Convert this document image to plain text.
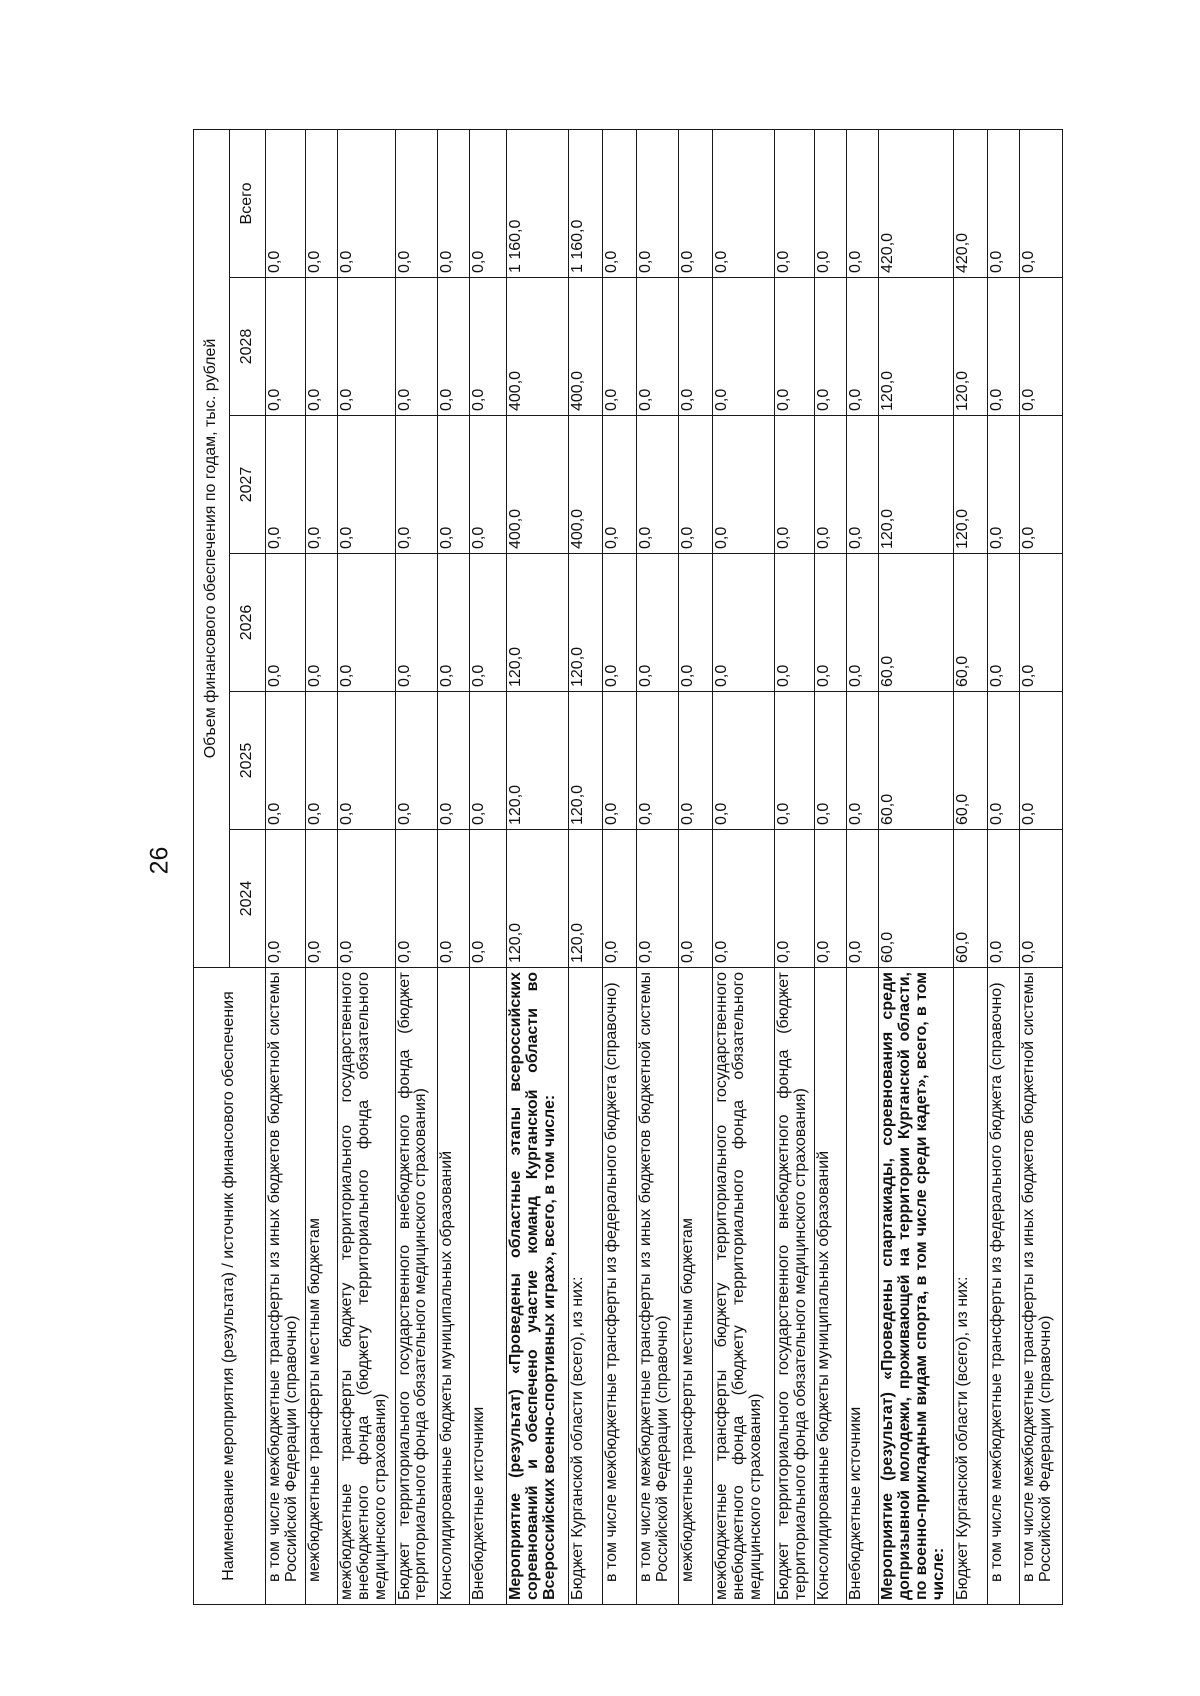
26
Наименование мероприятия (результата) / источник финансового обеспечения	Объем финансового обеспечения по годам, тыс. рублей					
	2024	2025	2026	2027	2028	Всего
в том числе межбюджетные трансферты из иных бюджетов бюджетной системы Российской Федерации (справочно)	0,0	0,0	0,0	0,0	0,0	0,0
межбюджетные трансферты местным бюджетам	0,0	0,0	0,0	0,0	0,0	0,0
межбюджетные трансферты бюджету территориального государственного внебюджетного фонда (бюджету территориального фонда обязательного медицинского страхования)	0,0	0,0	0,0	0,0	0,0	0,0
Бюджет территориального государственного внебюджетного фонда (бюджет территориального фонда обязательного медицинского страхования)	0,0	0,0	0,0	0,0	0,0	0,0
Консолидированные бюджеты муниципальных образований	0,0	0,0	0,0	0,0	0,0	0,0
Внебюджетные источники	0,0	0,0	0,0	0,0	0,0	0,0
Мероприятие (результат) «Проведены областные этапы всероссийских соревнований и обеспечено участие команд Курганской области во Всероссийских военно-спортивных играх», всего, в том числе:	120,0	120,0	120,0	400,0	400,0	1 160,0
Бюджет Курганской области (всего), из них:	120,0	120,0	120,0	400,0	400,0	1 160,0
в том числе межбюджетные трансферты из федерального бюджета (справочно)	0,0	0,0	0,0	0,0	0,0	0,0
в том числе межбюджетные трансферты из иных бюджетов бюджетной системы Российской Федерации (справочно)	0,0	0,0	0,0	0,0	0,0	0,0
межбюджетные трансферты местным бюджетам	0,0	0,0	0,0	0,0	0,0	0,0
межбюджетные трансферты бюджету территориального государственного внебюджетного фонда (бюджету территориального фонда обязательного медицинского страхования)	0,0	0,0	0,0	0,0	0,0	0,0
Бюджет территориального государственного внебюджетного фонда (бюджет территориального фонда обязательного медицинского страхования)	0,0	0,0	0,0	0,0	0,0	0,0
Консолидированные бюджеты муниципальных образований	0,0	0,0	0,0	0,0	0,0	0,0
Внебюджетные источники	0,0	0,0	0,0	0,0	0,0	0,0
Мероприятие (результат) «Проведены спартакиады, соревнования среди допризывной молодежи, проживающей на территории Курганской области, по военно-прикладным видам спорта, в том числе среди кадет», всего, в том числе:	60,0	60,0	60,0	120,0	120,0	420,0
Бюджет Курганской области (всего), из них:	60,0	60,0	60,0	120,0	120,0	420,0
в том числе межбюджетные трансферты из федерального бюджета (справочно)	0,0	0,0	0,0	0,0	0,0	0,0
в том числе межбюджетные трансферты из иных бюджетов бюджетной системы Российской Федерации (справочно)	0,0	0,0	0,0	0,0	0,0	0,0
